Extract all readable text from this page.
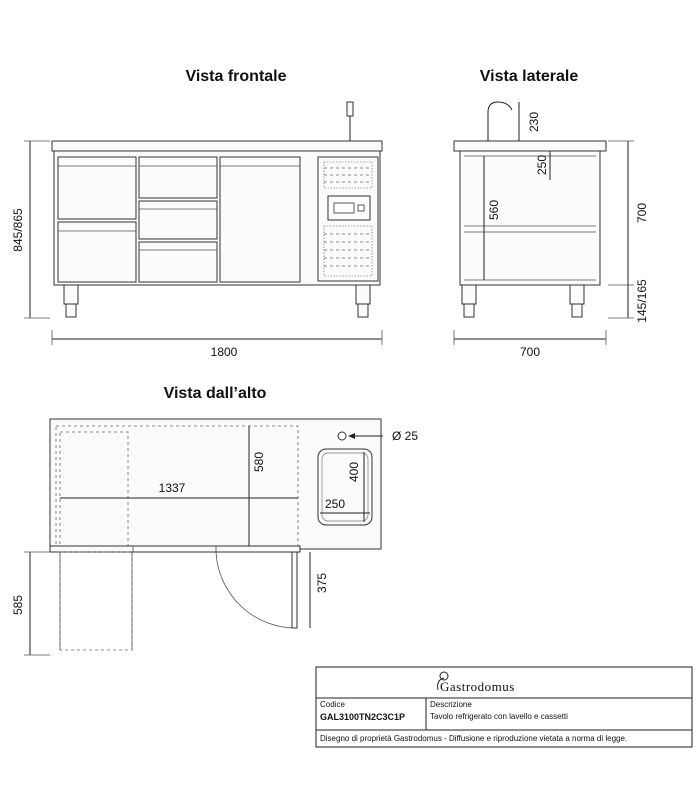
Vista frontale
845/865
1800
Vista laterale
230
250
560	700
145/165
700
Vista dall’alto
Ø 25
400
250
580
1337
375
585
Gastrodomus
Codice
GAL3100TN2C3C1P
Descrizione
Tavolo refrigerato con lavello e cassetti
Disegno di proprietà Gastrodomus - Diffusione e riproduzione vietata a norma di legge.
